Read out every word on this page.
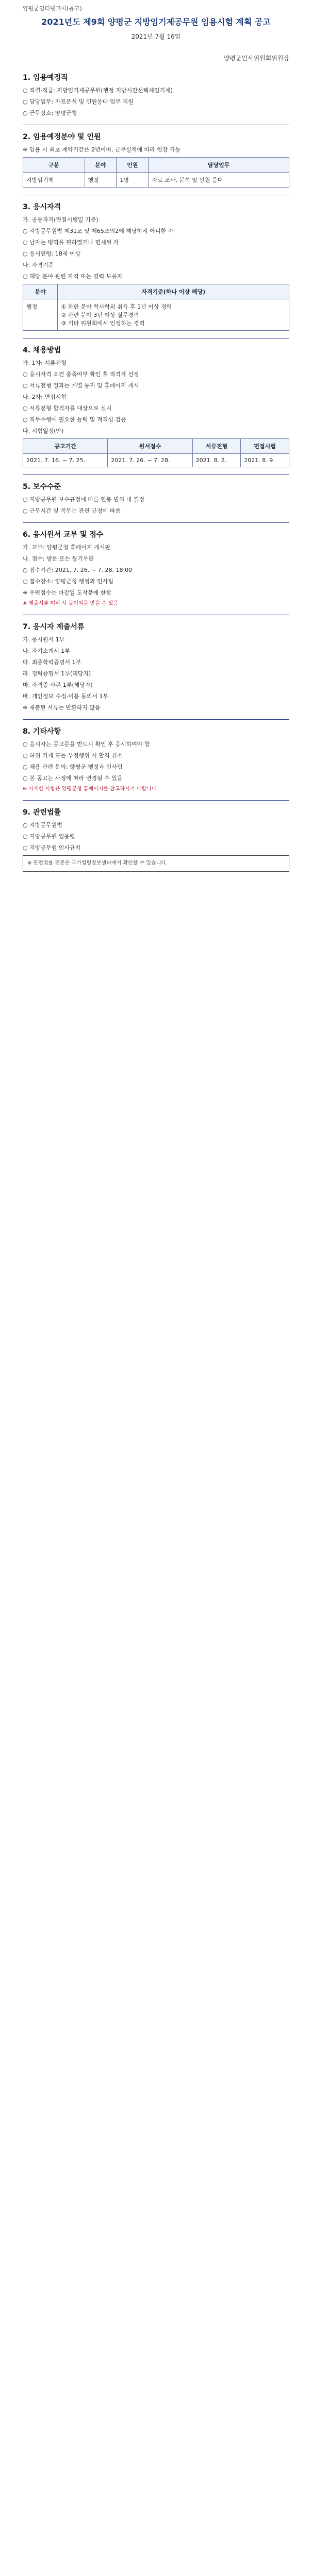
양평군인터넷고시(공고)
2021년도 제9회 양평군 지방임기제공무원 임용시험 계획 공고
2021년 7월 16일
양평군인사위원회위원장
1. 임용예정직

○ 직렬·직급: 지방임기제공무원(행정 지방시간선택제임기제)

○ 담당업무: 자료분석 및 민원응대 업무 지원

○ 근무장소: 양평군청

2. 임용예정분야 및 인원

※ 임용 시 최초 계약기간은 2년이며, 근무실적에 따라 연장 가능

구분	분야	인원	담당업무
지방임기제	행정	1명	자료 조사, 분석 및 민원 응대
3. 응시자격

가. 공통자격(면접시행일 기준)

○ 지방공무원법 제31조 및 제65조의2에 해당하지 아니한 자

○ 남자는 병역을 필하였거나 면제된 자

○ 응시연령: 18세 이상

나. 자격기준

○ 해당 분야 관련 자격 또는 경력 보유자

분야	자격기준(하나 이상 해당)
행정	① 관련 분야 학사학위 취득 후 1년 이상 경력
② 관련 분야 3년 이상 실무경력
③ 기타 위원회에서 인정하는 경력
4. 채용방법

가. 1차: 서류전형

○ 응시자격 요건 충족여부 확인 후 적격자 선정

○ 서류전형 결과는 개별 통지 및 홈페이지 게시

나. 2차: 면접시험

○ 서류전형 합격자를 대상으로 실시

○ 직무수행에 필요한 능력 및 적격성 검증

다. 시험일정(안)

공고기간	원서접수	서류전형	면접시험
2021. 7. 16. ~ 7. 25.	2021. 7. 26. ~ 7. 28.	2021. 8. 2.	2021. 8. 9.
5. 보수수준

○ 지방공무원 보수규정에 따른 연봉 범위 내 결정

○ 근무시간 및 복무는 관련 규정에 따름

6. 응시원서 교부 및 접수

가. 교부: 양평군청 홈페이지 게시판

나. 접수: 방문 또는 등기우편

○ 접수기간: 2021. 7. 26. ~ 7. 28. 18:00

○ 접수장소: 양평군청 행정과 인사팀

※ 우편접수는 마감일 도착분에 한함

※ 제출서류 미비 시 불이익을 받을 수 있음
7. 응시자 제출서류

가. 응시원서 1부

나. 자기소개서 1부

다. 최종학력증명서 1부

라. 경력증명서 1부(해당자)

마. 자격증 사본 1부(해당자)

바. 개인정보 수집·이용 동의서 1부

※ 제출된 서류는 반환하지 않음

8. 기타사항

○ 응시자는 공고문을 반드시 확인 후 응시하여야 함

○ 허위 기재 또는 부정행위 시 합격 취소

○ 채용 관련 문의: 양평군 행정과 인사팀

○ 본 공고는 사정에 따라 변경될 수 있음

※ 자세한 사항은 양평군청 홈페이지를 참고하시기 바랍니다.
9. 관련법률

○ 지방공무원법

○ 지방공무원 임용령

○ 지방공무원 인사규칙

※ 관련법률 전문은 국가법령정보센터에서 확인할 수 있습니다.
